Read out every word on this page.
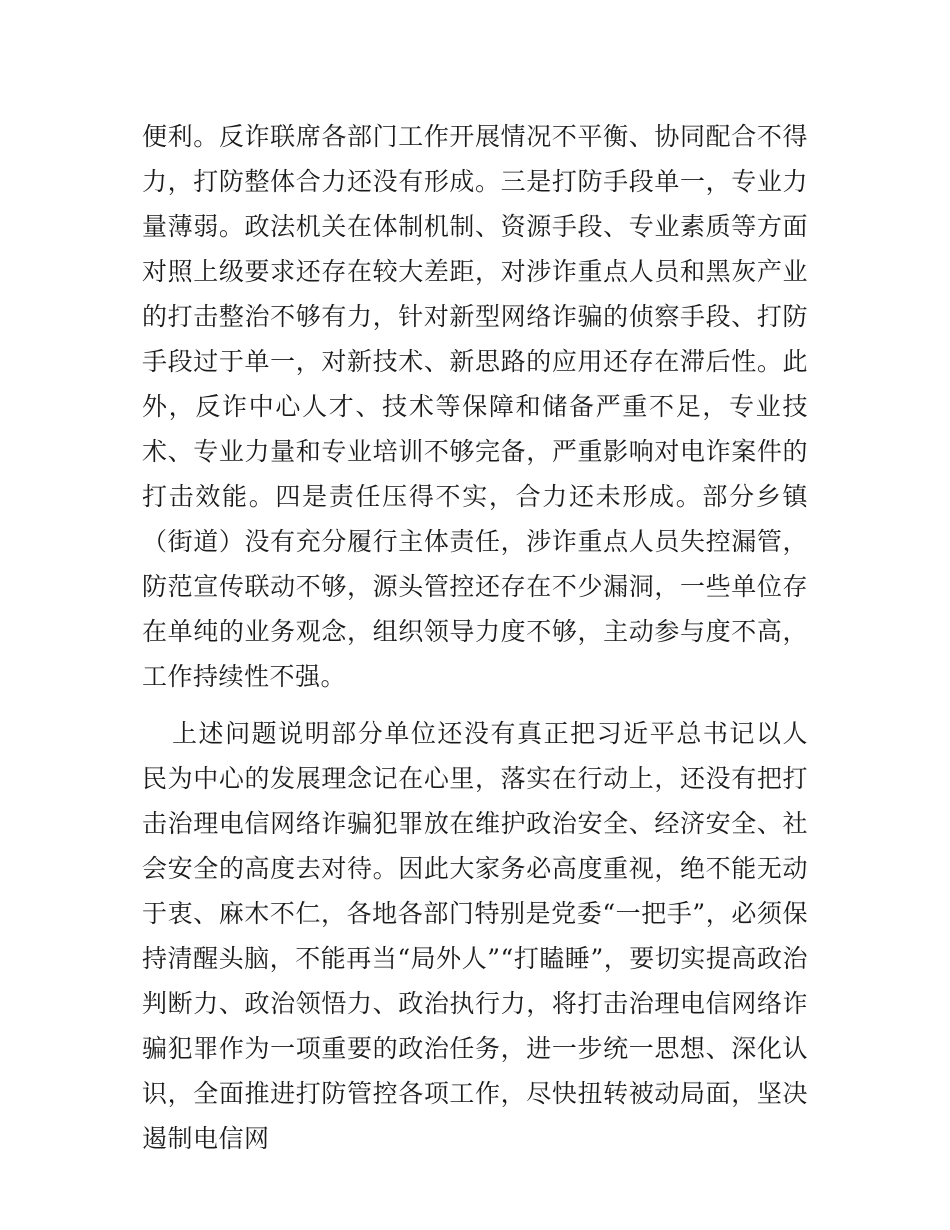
便利。反诈联席各部门工作开展情况不平衡、协同配合不得力，打防整体合力还没有形成。三是打防手段单一，专业力量薄弱。政法机关在体制机制、资源手段、专业素质等方面对照上级要求还存在较大差距，对涉诈重点人员和黑灰产业的打击整治不够有力，针对新型网络诈骗的侦察手段、打防手段过于单一，对新技术、新思路的应用还存在滞后性。此外，反诈中心人才、技术等保障和储备严重不足，专业技术、专业力量和专业培训不够完备，严重影响对电诈案件的打击效能。四是责任压得不实，合力还未形成。部分乡镇（街道）没有充分履行主体责任，涉诈重点人员失控漏管，防范宣传联动不够，源头管控还存在不少漏洞，一些单位存在单纯的业务观念，组织领导力度不够，主动参与度不高，工作持续性不强。

上述问题说明部分单位还没有真正把习近平总书记以人民为中心的发展理念记在心里，落实在行动上，还没有把打击治理电信网络诈骗犯罪放在维护政治安全、经济安全、社会安全的高度去对待。因此大家务必高度重视，绝不能无动于衷、麻木不仁，各地各部门特别是党委“一把手”，必须保持清醒头脑，不能再当“局外人”“打瞌睡”，要切实提高政治判断力、政治领悟力、政治执行力，将打击治理电信网络诈骗犯罪作为一项重要的政治任务，进一步统一思想、深化认识，全面推进打防管控各项工作，尽快扭转被动局面，坚决遏制电信网
